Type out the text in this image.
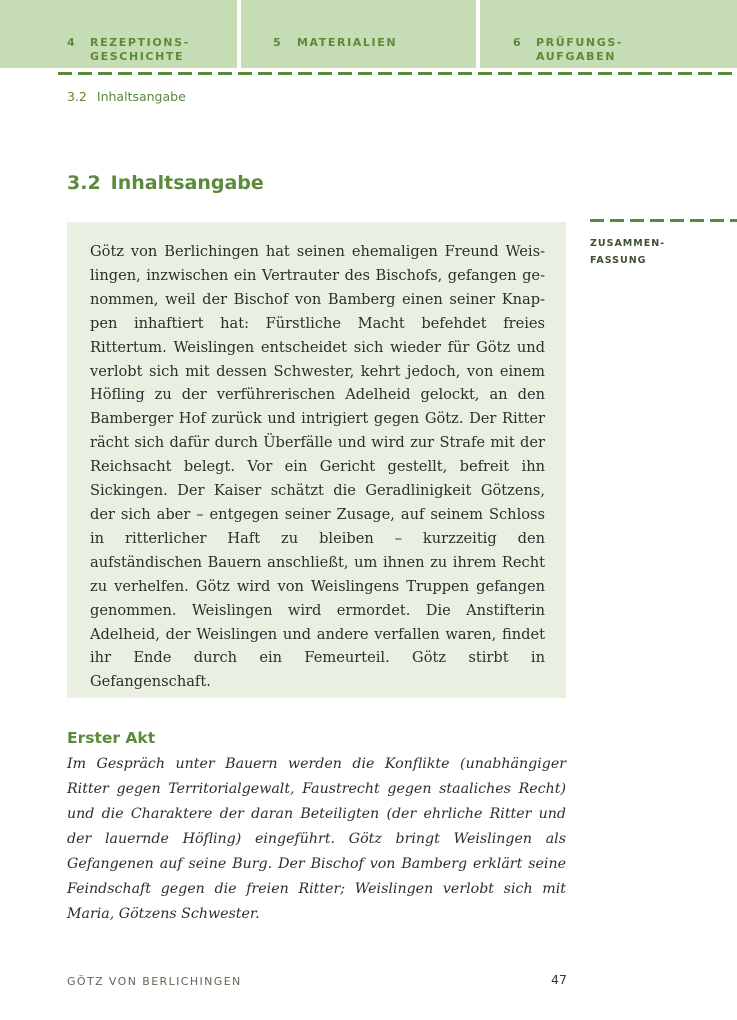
4 REZEPTIONS-
GESCHICHTE
5 MATERIALIEN	6 PRÜFUNGS-
AUFGABEN
3.2 Inhaltsangabe
3.2 Inhaltsangabe
ZUSAMMEN-
FASSUNG

Götz von Berlichingen hat seinen ehemaligen Freund Weislingen, inzwischen ein Vertrauter des Bischofs, gefangen genommen, weil der Bischof von Bamberg einen seiner Knappen inhaftiert hat: Fürstliche Macht befehdet freies Rittertum. Weislingen entscheidet sich wieder für Götz und verlobt sich mit dessen Schwester, kehrt jedoch, von einem Höfling zu der verführerischen Adelheid gelockt, an den Bamberger Hof zurück und intrigiert gegen Götz. Der Ritter rächt sich dafür durch Überfälle und wird zur Strafe mit der Reichsacht belegt. Vor ein Gericht gestellt, befreit ihn Sickingen. Der Kaiser schätzt die Geradlinigkeit Götzens, der sich aber – entgegen seiner Zusage, auf seinem Schloss in ritterlicher Haft zu bleiben – kurzzeitig den aufständischen Bauern anschließt, um ihnen zu ihrem Recht zu verhelfen. Götz wird von Weislingens Truppen gefangen genommen. Weislingen wird ermordet. Die Anstifterin Adelheid, der Weislingen und andere verfallen waren, findet ihr Ende durch ein Femeurteil. Götz stirbt in Gefangenschaft.

Erster Akt

Im Gespräch unter Bauern werden die Konflikte (unabhängiger Ritter gegen Territorialgewalt, Faustrecht gegen staaliches Recht) und die Charaktere der daran Beteiligten (der ehrliche Ritter und der lauernde Höfling) eingeführt. Götz bringt Weislingen als Gefangenen auf seine Burg. Der Bischof von Bamberg erklärt seine Feindschaft gegen die freien Ritter; Weislingen verlobt sich mit Maria, Götzens Schwester.

GÖTZ VON BERLICHINGEN	47
